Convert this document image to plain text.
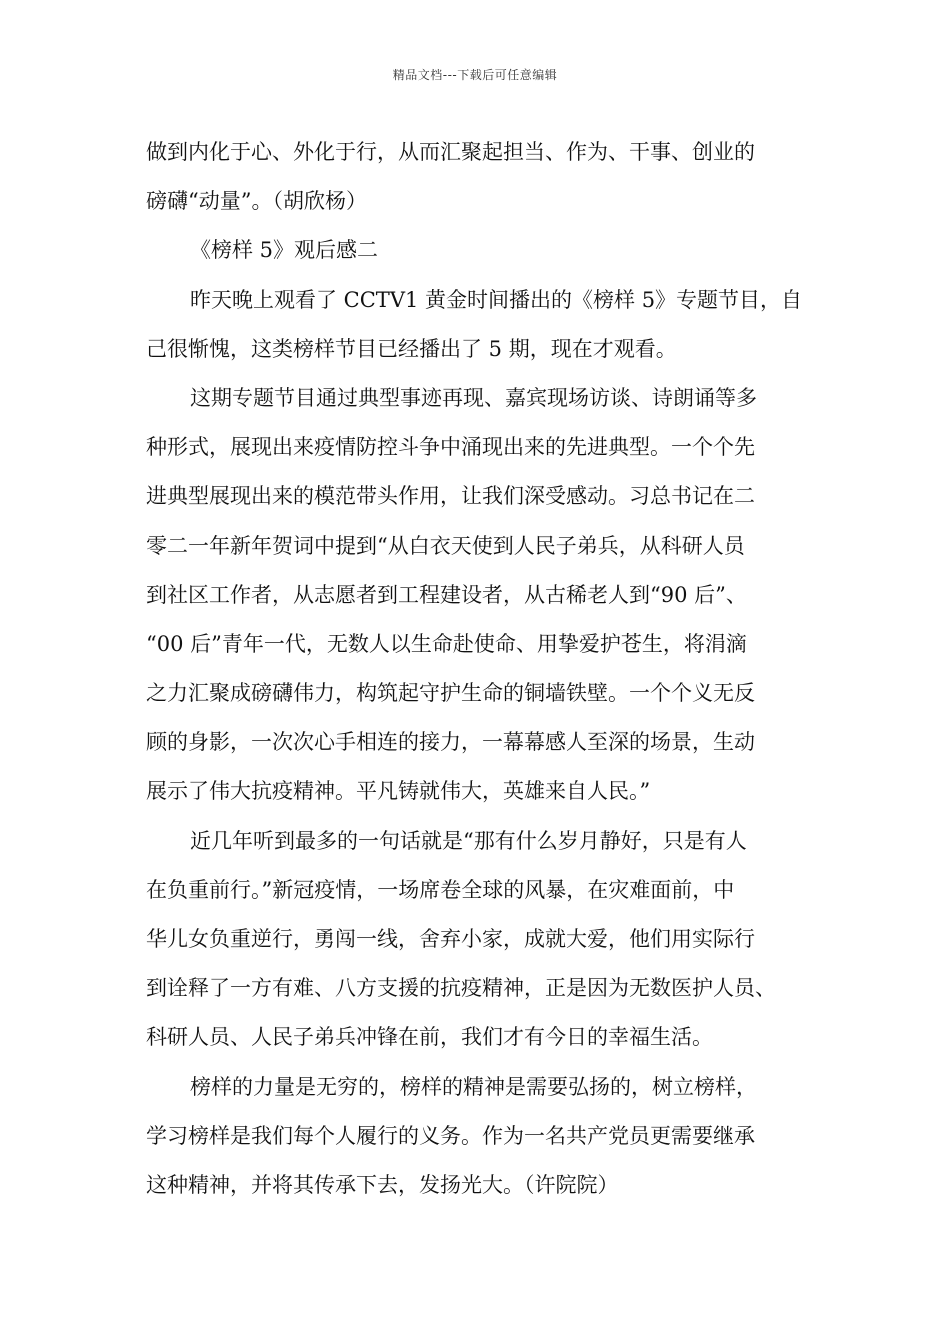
精品文档---下载后可任意编辑
做到内化于心、外化于行，从而汇聚起担当、作为、干事、创业的
磅礴“动量”。（胡欣杨）
《榜样 5》观后感二
昨天晚上观看了 CCTV1 黄金时间播出的《榜样 5》专题节目，自
己很惭愧，这类榜样节目已经播出了 5 期，现在才观看。
这期专题节目通过典型事迹再现、嘉宾现场访谈、诗朗诵等多
种形式，展现出来疫情防控斗争中涌现出来的先进典型。一个个先
进典型展现出来的模范带头作用，让我们深受感动。习总书记在二
零二一年新年贺词中提到“从白衣天使到人民子弟兵，从科研人员
到社区工作者，从志愿者到工程建设者，从古稀老人到“90 后”、
“00 后”青年一代，无数人以生命赴使命、用挚爱护苍生，将涓滴
之力汇聚成磅礴伟力，构筑起守护生命的铜墙铁壁。一个个义无反
顾的身影，一次次心手相连的接力，一幕幕感人至深的场景，生动
展示了伟大抗疫精神。平凡铸就伟大，英雄来自人民。”
近几年听到最多的一句话就是“那有什么岁月静好，只是有人
在负重前行。”新冠疫情，一场席卷全球的风暴，在灾难面前，中
华儿女负重逆行，勇闯一线，舍弃小家，成就大爱，他们用实际行
到诠释了一方有难、八方支援的抗疫精神，正是因为无数医护人员、
科研人员、人民子弟兵冲锋在前，我们才有今日的幸福生活。
榜样的力量是无穷的，榜样的精神是需要弘扬的，树立榜样，
学习榜样是我们每个人履行的义务。作为一名共产党员更需要继承
这种精神，并将其传承下去，发扬光大。（许院院）
